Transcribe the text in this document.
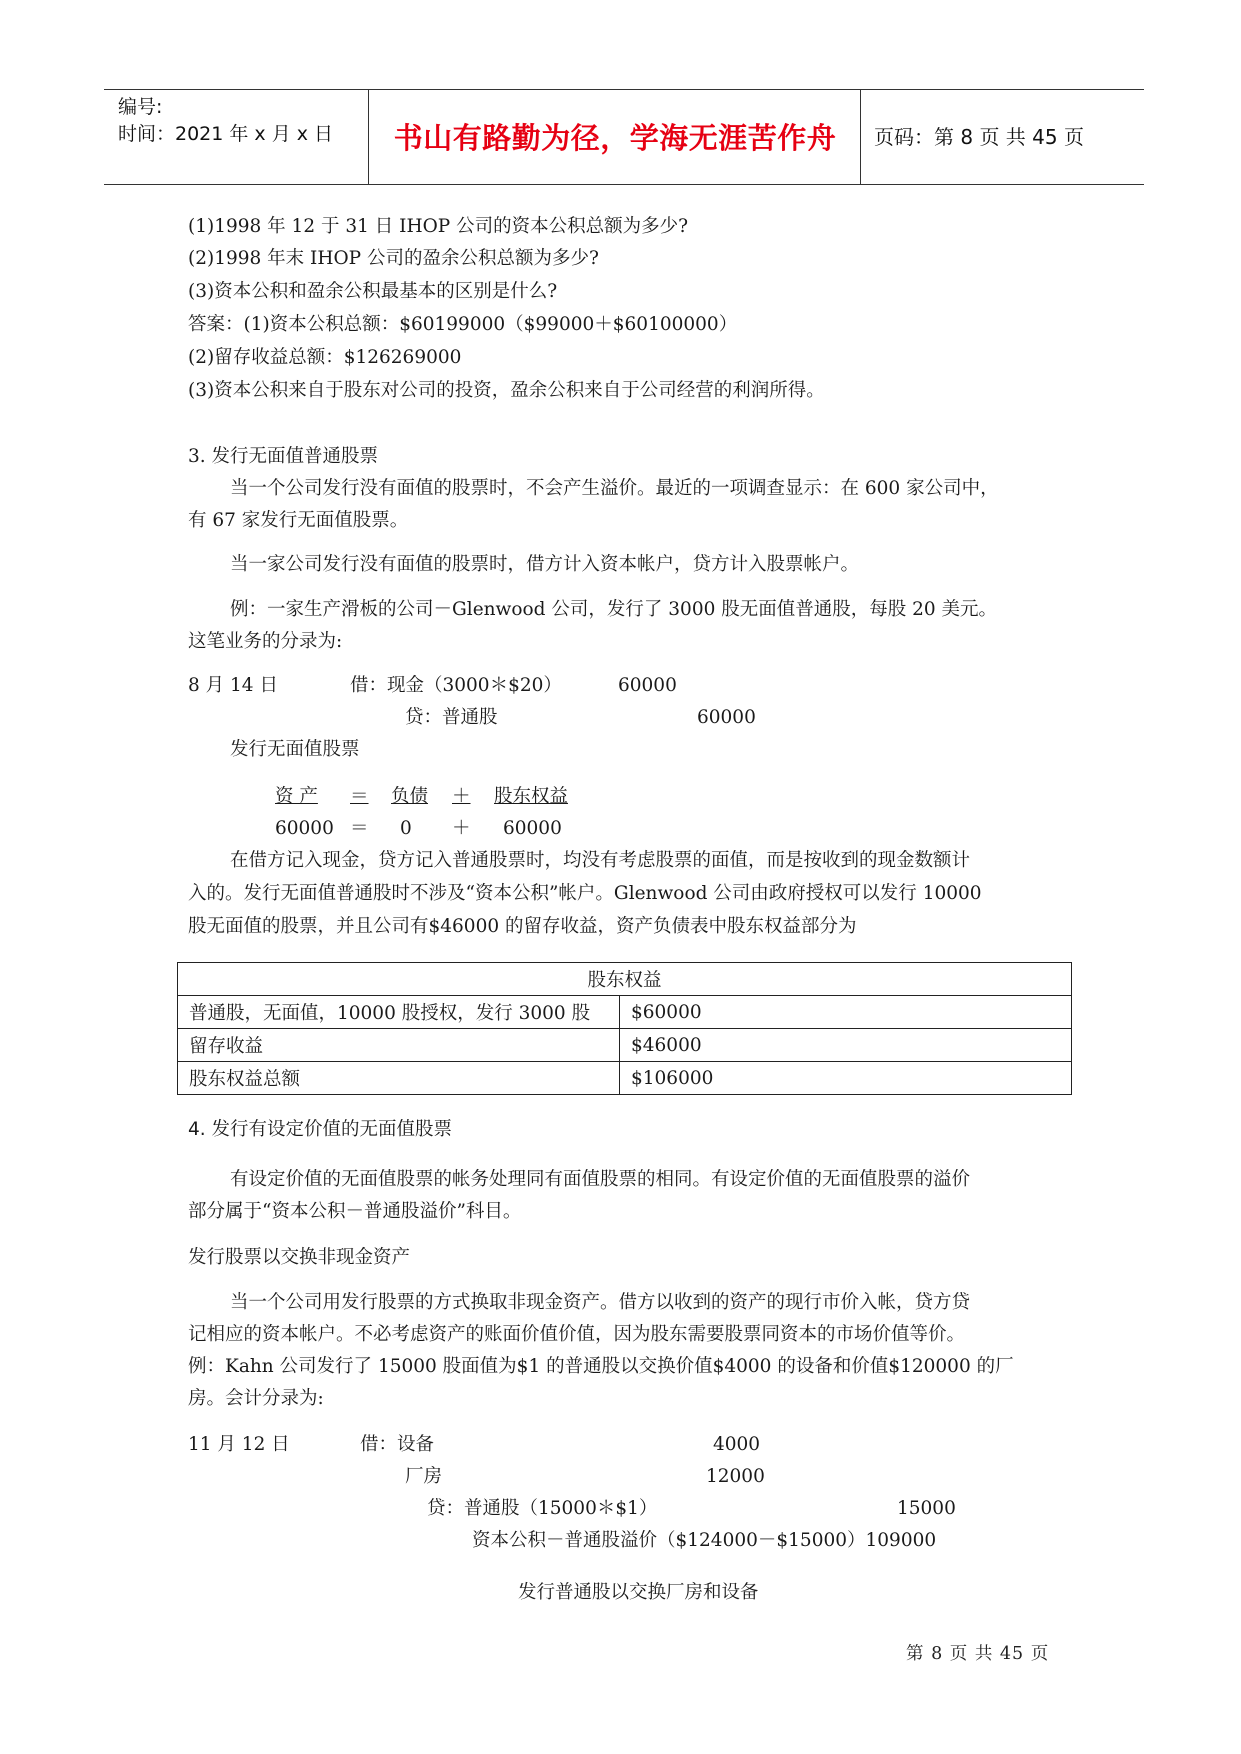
编号:
时间：2021 年 x 月 x 日	书山有路勤为径，学海无涯苦作舟	页码：第 8 页 共 45 页
(1)1998 年 12 于 31 日 IHOP 公司的资本公积总额为多少?
(2)1998 年末 IHOP 公司的盈余公积总额为多少?
(3)资本公积和盈余公积最基本的区别是什么?
答案：(1)资本公积总额：$60199000（$99000＋$60100000）
(2)留存收益总额：$126269000
(3)资本公积来自于股东对公司的投资，盈余公积来自于公司经营的利润所得。
3. 发行无面值普通股票
当一个公司发行没有面值的股票时，不会产生溢价。最近的一项调查显示：在 600 家公司中，
有 67 家发行无面值股票。
当一家公司发行没有面值的股票时，借方计入资本帐户，贷方计入股票帐户。
例：一家生产滑板的公司－Glenwood 公司，发行了 3000 股无面值普通股，每股 20 美元。
这笔业务的分录为:
8 月 14 日	借：现金（3000＊$20）	60000
贷：普通股	60000
发行无面值股票
资 产 ＝ 负债 ＋ 股东权益
60000 ＝ 0 ＋ 60000
在借方记入现金，贷方记入普通股票时，均没有考虑股票的面值，而是按收到的现金数额计
入的。发行无面值普通股时不涉及“资本公积”帐户。Glenwood 公司由政府授权可以发行 10000
股无面值的股票，并且公司有$46000 的留存收益，资产负债表中股东权益部分为
股东权益	
普通股，无面值，10000 股授权，发行 3000 股	$60000
留存收益	$46000
股东权益总额	$106000
4. 发行有设定价值的无面值股票
有设定价值的无面值股票的帐务处理同有面值股票的相同。有设定价值的无面值股票的溢价
部分属于“资本公积－普通股溢价”科目。
发行股票以交换非现金资产
当一个公司用发行股票的方式换取非现金资产。借方以收到的资产的现行市价入帐，贷方贷
记相应的资本帐户。不必考虑资产的账面价值价值，因为股东需要股票同资本的市场价值等价。
例：Kahn 公司发行了 15000 股面值为$1 的普通股以交换价值$4000 的设备和价值$120000 的厂
房。会计分录为:
11 月 12 日	借：设备	4000
厂房	12000
贷：普通股（15000＊$1）	15000
资本公积－普通股溢价（$124000－$15000）109000
发行普通股以交换厂房和设备
第 8 页 共 45 页
